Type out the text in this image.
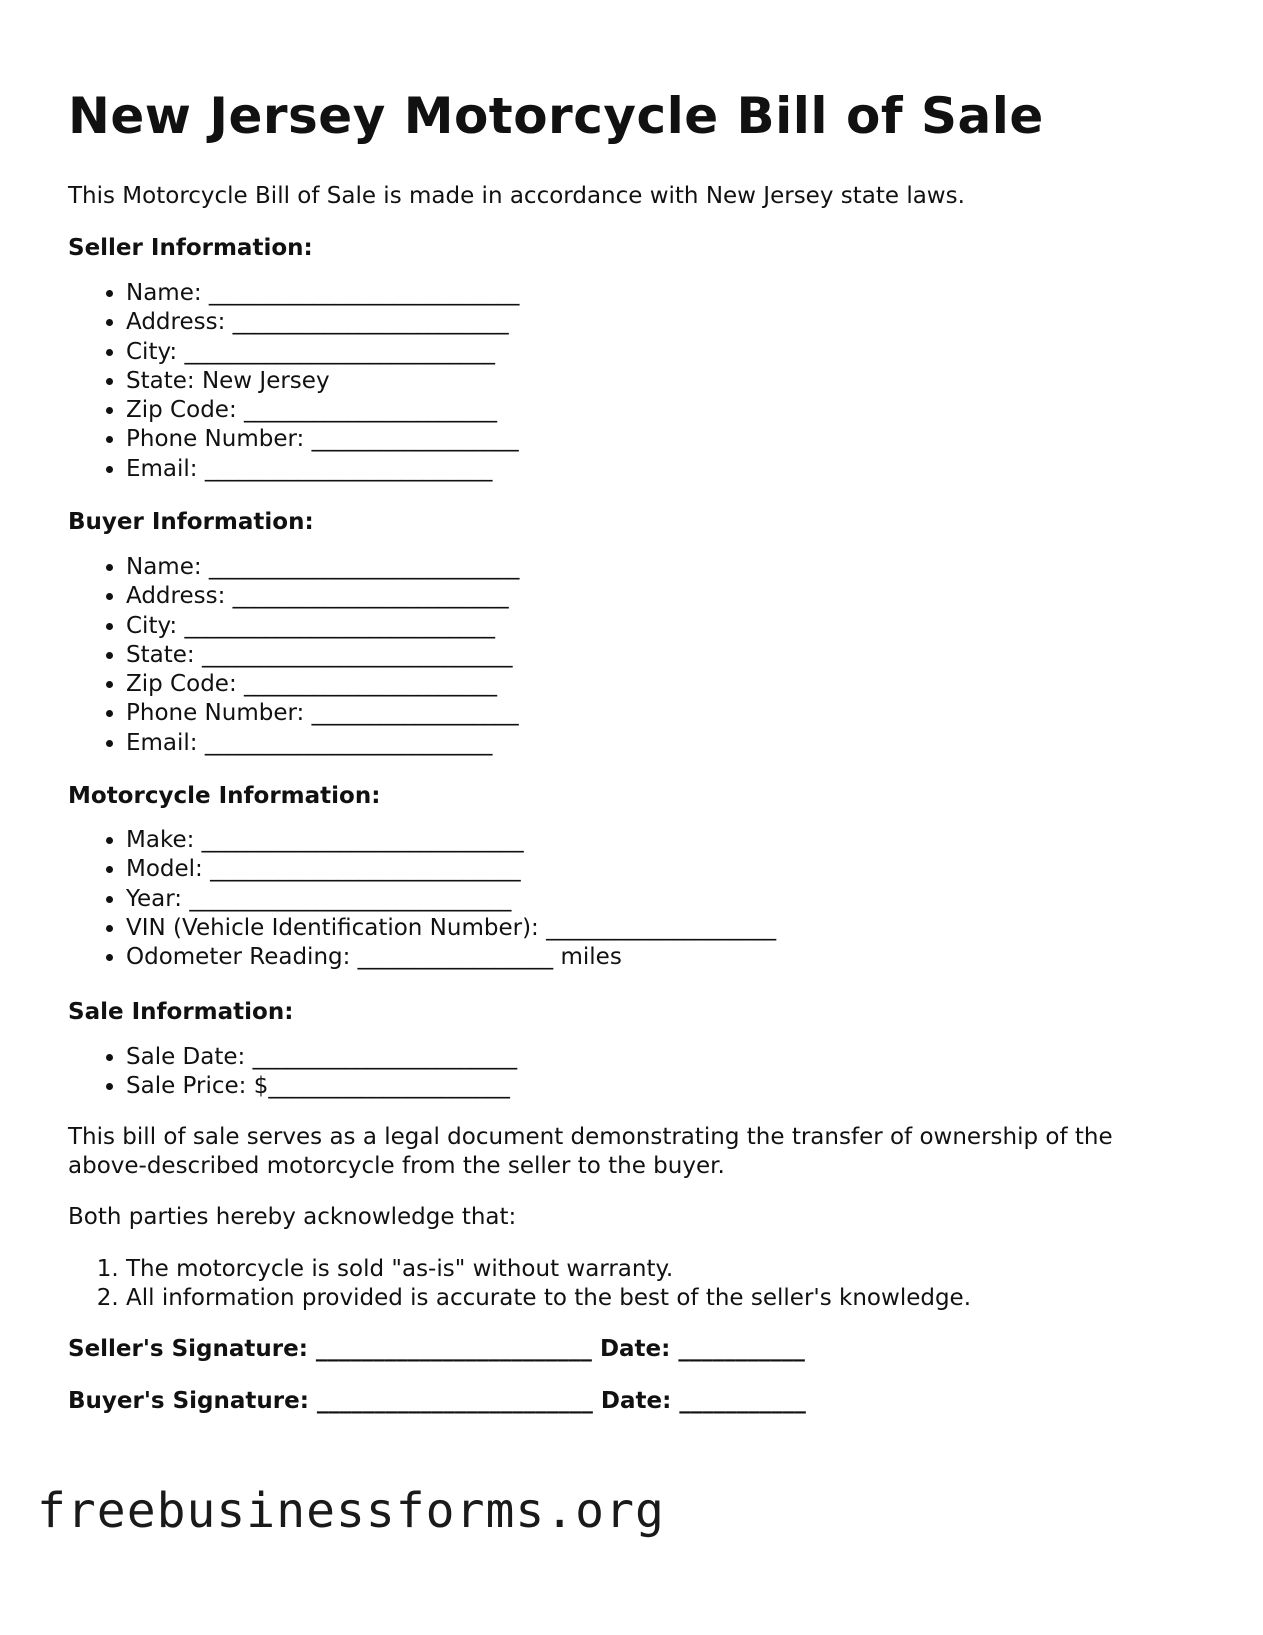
New Jersey Motorcycle Bill of Sale

This Motorcycle Bill of Sale is made in accordance with New Jersey state laws.

Seller Information:
• Name: ___________________________
• Address: ________________________
• City: ___________________________
• State: New Jersey
• Zip Code: ______________________
• Phone Number: __________________
• Email: _________________________
Buyer Information:
• Name: ___________________________
• Address: ________________________
• City: ___________________________
• State: ___________________________
• Zip Code: ______________________
• Phone Number: __________________
• Email: _________________________
Motorcycle Information:
• Make: ____________________________
• Model: ___________________________
• Year: ____________________________
• VIN (Vehicle Identification Number): ____________________
• Odometer Reading: _________________ miles
Sale Information:
• Sale Date: _______________________
• Sale Price: $_____________________

This bill of sale serves as a legal document demonstrating the transfer of ownership of the above-described motorcycle from the seller to the buyer.

Both parties hereby acknowledge that:

1. The motorcycle is sold "as-is" without warranty.
2. All information provided is accurate to the best of the seller's knowledge.

Seller's Signature: ________________________ Date: ___________

Buyer's Signature: ________________________ Date: ___________

freebusinessforms.org
